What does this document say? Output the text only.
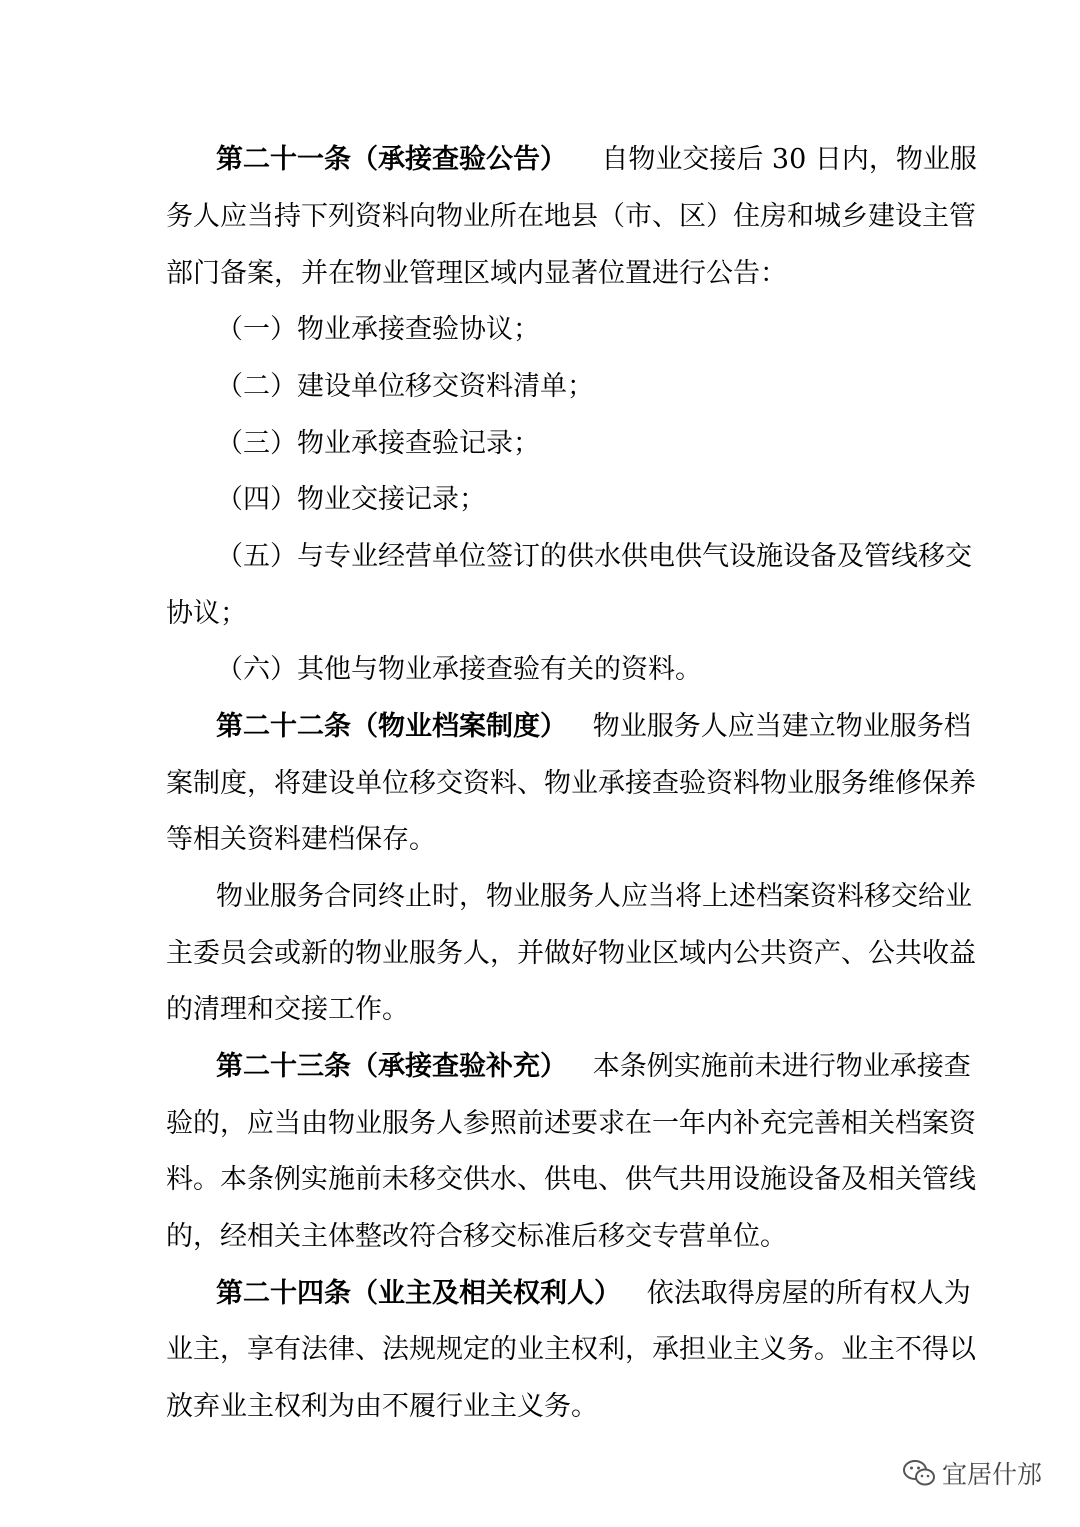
第二十一条（承接查验公告） 自物业交接后 30 日内，物业服
务人应当持下列资料向物业所在地县（市、区）住房和城乡建设主管
部门备案，并在物业管理区域内显著位置进行公告：
（一）物业承接查验协议；
（二）建设单位移交资料清单；
（三）物业承接查验记录；
（四）物业交接记录；
（五）与专业经营单位签订的供水供电供气设施设备及管线移交
协议；
（六）其他与物业承接查验有关的资料。
第二十二条（物业档案制度） 物业服务人应当建立物业服务档
案制度，将建设单位移交资料、物业承接查验资料物业服务维修保养
等相关资料建档保存。
物业服务合同终止时，物业服务人应当将上述档案资料移交给业
主委员会或新的物业服务人，并做好物业区域内公共资产、公共收益
的清理和交接工作。
第二十三条（承接查验补充） 本条例实施前未进行物业承接查
验的，应当由物业服务人参照前述要求在一年内补充完善相关档案资
料。本条例实施前未移交供水、供电、供气共用设施设备及相关管线
的，经相关主体整改符合移交标准后移交专营单位。
第二十四条（业主及相关权利人） 依法取得房屋的所有权人为
业主，享有法律、法规规定的业主权利，承担业主义务。业主不得以
放弃业主权利为由不履行业主义务。
宜居什邡
